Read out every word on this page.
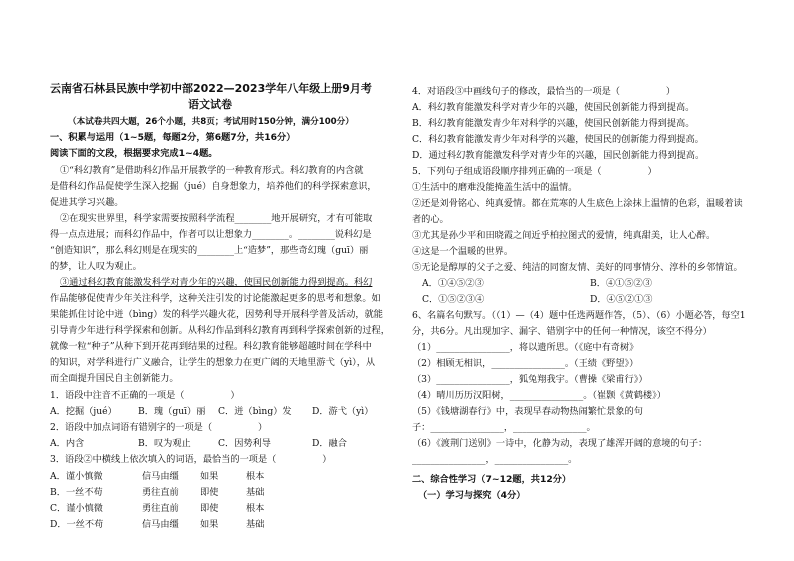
云南省石林县民族中学初中部2022—2023学年八年级上册9月考
语文试卷
（本试卷共四大题，26个小题，共8页；考试用时150分钟，满分100分）
一、积累与运用（1~5题，每题2分，第6题7分，共16分）
阅读下面的文段，根据要求完成1~4题。
①“科幻教育”是借助科幻作品开展教学的一种教育形式。科幻教育的内含就
是借科幻作品促使学生深入挖掘（jué）自身想象力，培养他们的科学探索意识，
促进其学习兴趣。
②在现实世界里，科学家需要按照科学流程________地开展研究，才有可能取
得一点点进展；而科幻作品中，作者可以让想象力________。________说科幻是
“创造知识”，那么科幻则是在现实的________上“造梦”，那些奇幻瑰（guī）丽
的梦，让人叹为观止。
③通过科幻教育能激发科学对青少年的兴趣，使国民创新能力得到提高。科幻
作品能够促使青少年关注科学，这种关注引发的讨论能激起更多的思考和想象。如
果能抓住讨论中迸（bìng）发的科学兴趣火花，因势利导开展科学普及活动，就能
引导青少年进行科学探索和创新。从科幻作品到科幻教育再到科学探索创新的过程，
就像一粒“种子”从种下到开花再到结果的过程。科幻教育能够超越时间在学科中
的知识，对学科进行广义融合，让学生的想象力在更广阔的天地里游弋（yì），从
而全面提升国民自主创新能力。
1．语段中注音不正确的一项是（　　　　　）
A．挖掘（jué） B．瑰（guī）丽 C．迸（bìng）发 D．游弋（yì）
2．语段中加点词语有错别字的一项是（　　　　　）
A．内含	B．叹为观止	C．因势利导	D．融合
3．语段②中横线上依次填入的词语，最恰当的一项是（　　　　　）
A．谨小慎微	信马由缰 如果	根本
B．一丝不苟	勇往直前 即使	基础
C．谨小慎微	勇往直前 即使	根本
D．一丝不苟	信马由缰 如果	基础
4．对语段③中画线句子的修改，最恰当的一项是（　　　　　）
A．科幻教育能激发科学对青少年的兴趣，使国民创新能力得到提高。
B．科幻教育能激发青少年对科学的兴趣，使国民创新能力得到提高。
C．科幻教育能激发青少年对科学的兴趣，使国民的创新能力得到提高。
D．通过科幻教育能激发科学对青少年的兴趣，国民创新能力得到提高。
5．下列句子组成语段顺序排列正确的一项是（　　　　　）
①生活中的磨难没能掩盖生活中的温情。
②还是刘骨铭心、纯真爱情。都在荒寒的人生底色上涂抹上温情的色彩，温暖着读
者的心。
③尤其是孙少平和田晓霞之间近乎柏拉图式的爱情，纯真甜美，让人心醉。
④这是一个温暖的世界。
⑤无论是醇厚的父子之爱、纯洁的同窗友情、美好的同事情分、淳朴的乡邻情谊。
A．①④⑤②③	B．④①⑤②③
C．①⑤②③④	D．④⑤②①③
6、名篇名句默写。（（1）—（4）题中任选两题作答，（5）、（6）小题必答，每空1
分，共6分。凡出现加字、漏字、错别字中的任何一种情况，该空不得分）
（1）________________，将以遗所思。（《庭中有奇树》
（2）相顾无相识，________________。（王绩《野望》）
（3）________________，狐兔翔我宇。（曹操《梁甫行》）
（4）晴川历历汉阳树，________________。（崔颢《黄鹤楼》）
（5）《钱塘湖春行》中，表现早春动物热闹繁忙景象的句
子：________________，________________。
（6）《渡荆门送别》一诗中，化静为动，表现了雄浑开阔的意境的句子：
________________，________________。
二、综合性学习（7~12题，共12分）
（一）学习与探究（4分）
